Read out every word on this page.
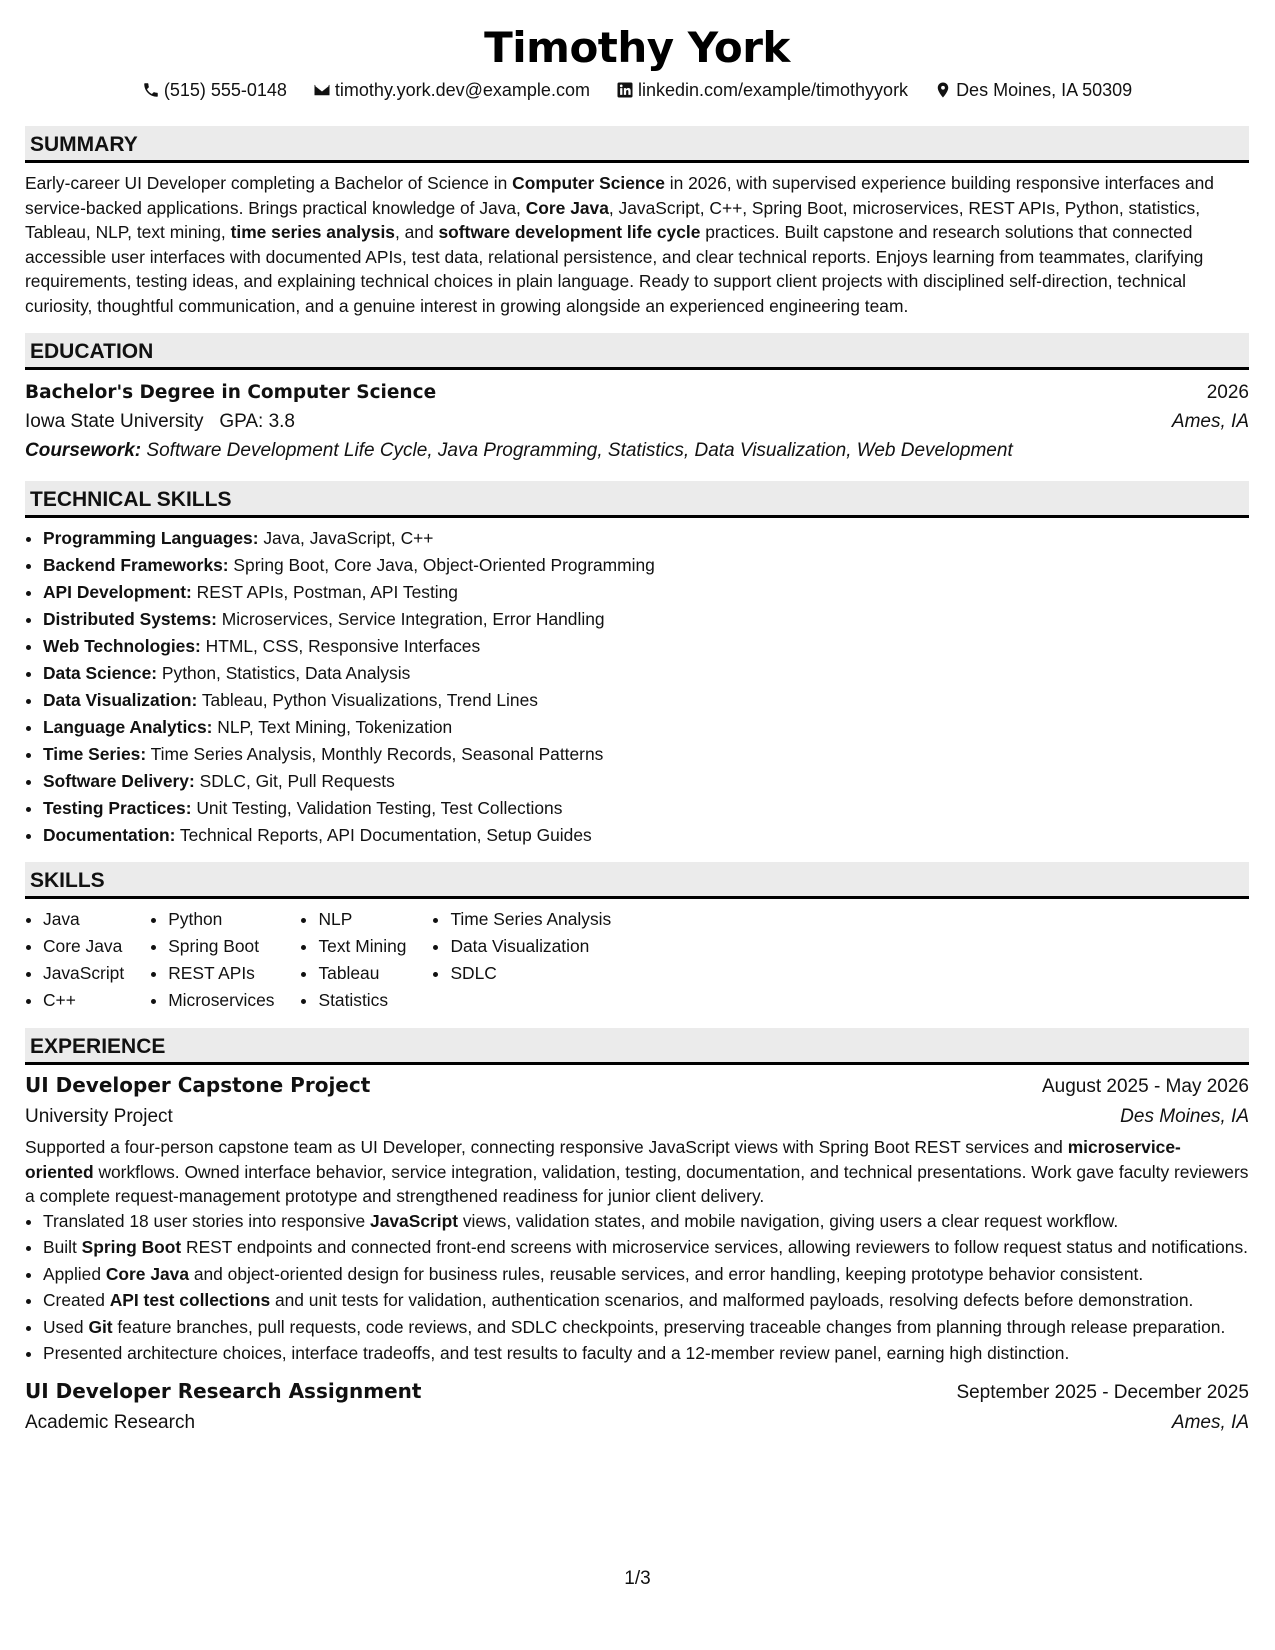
Timothy York
(515) 555-0148	timothy.york.dev@example.com	linkedin.com/example/timothyyork	Des Moines, IA 50309
SUMMARY
Early-career UI Developer completing a Bachelor of Science in Computer Science in 2026, with supervised experience building responsive interfaces and service-backed applications. Brings practical knowledge of Java, Core Java, JavaScript, C++, Spring Boot, microservices, REST APIs, Python, statistics, Tableau, NLP, text mining, time series analysis, and software development life cycle practices. Built capstone and research solutions that connected accessible user interfaces with documented APIs, test data, relational persistence, and clear technical reports. Enjoys learning from teammates, clarifying requirements, testing ideas, and explaining technical choices in plain language. Ready to support client projects with disciplined self-direction, technical curiosity, thoughtful communication, and a genuine interest in growing alongside an experienced engineering team.
EDUCATION
Bachelor's Degree in Computer Science	2026
Iowa State University GPA: 3.8	Ames, IA
Coursework: Software Development Life Cycle, Java Programming, Statistics, Data Visualization, Web Development
TECHNICAL SKILLS
• Programming Languages: Java, JavaScript, C++
• Backend Frameworks: Spring Boot, Core Java, Object-Oriented Programming
• API Development: REST APIs, Postman, API Testing
• Distributed Systems: Microservices, Service Integration, Error Handling
• Web Technologies: HTML, CSS, Responsive Interfaces
• Data Science: Python, Statistics, Data Analysis
• Data Visualization: Tableau, Python Visualizations, Trend Lines
• Language Analytics: NLP, Text Mining, Tokenization
• Time Series: Time Series Analysis, Monthly Records, Seasonal Patterns
• Software Delivery: SDLC, Git, Pull Requests
• Testing Practices: Unit Testing, Validation Testing, Test Collections
• Documentation: Technical Reports, API Documentation, Setup Guides
SKILLS
• Java
• Core Java
• JavaScript
• C++
• Python
• Spring Boot
• REST APIs
• Microservices
• NLP
• Text Mining
• Tableau
• Statistics
• Time Series Analysis
• Data Visualization
• SDLC
EXPERIENCE
UI Developer Capstone Project	August 2025 - May 2026
University Project	Des Moines, IA
Supported a four-person capstone team as UI Developer, connecting responsive JavaScript views with Spring Boot REST services and microservice-oriented workflows. Owned interface behavior, service integration, validation, testing, documentation, and technical presentations. Work gave faculty reviewers a complete request-management prototype and strengthened readiness for junior client delivery.
• Translated 18 user stories into responsive JavaScript views, validation states, and mobile navigation, giving users a clear request workflow.
• Built Spring Boot REST endpoints and connected front-end screens with microservice services, allowing reviewers to follow request status and notifications.
• Applied Core Java and object-oriented design for business rules, reusable services, and error handling, keeping prototype behavior consistent.
• Created API test collections and unit tests for validation, authentication scenarios, and malformed payloads, resolving defects before demonstration.
• Used Git feature branches, pull requests, code reviews, and SDLC checkpoints, preserving traceable changes from planning through release preparation.
• Presented architecture choices, interface tradeoffs, and test results to faculty and a 12-member review panel, earning high distinction.
UI Developer Research Assignment	September 2025 - December 2025
Academic Research	Ames, IA
1/3
